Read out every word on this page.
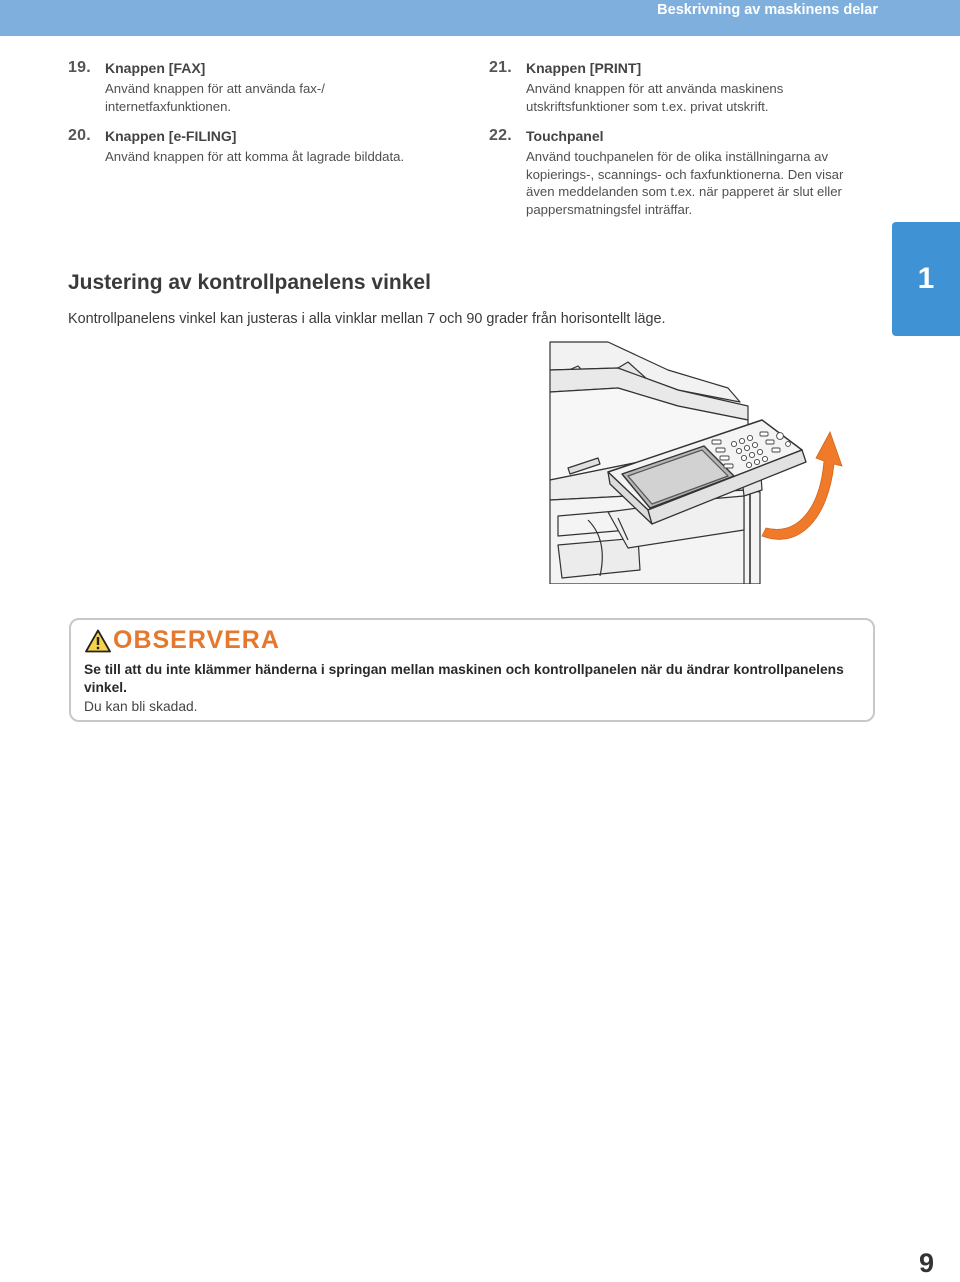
Beskrivning av maskinens delar
19. Knappen [FAX]
Använd knappen för att använda fax-/
internetfaxfunktionen.
20. Knappen [e-FILING]
Använd knappen för att komma åt lagrade bilddata.
21. Knappen [PRINT]
Använd knappen för att använda maskinens
utskriftsfunktioner som t.ex. privat utskrift.
22. Touchpanel
Använd touchpanelen för de olika inställningarna av
kopierings-, scannings- och faxfunktionerna. Den visar
även meddelanden som t.ex. när papperet är slut eller
pappersmatningsfel inträffar.
Justering av kontrollpanelens vinkel
Kontrollpanelens vinkel kan justeras i alla vinklar mellan 7 och 90 grader från horisontellt läge.
1
OBSERVERA
Se till att du inte klämmer händerna i springan mellan maskinen och kontrollpanelen när du ändrar kontrollpanelens vinkel.
Du kan bli skadad.
9
